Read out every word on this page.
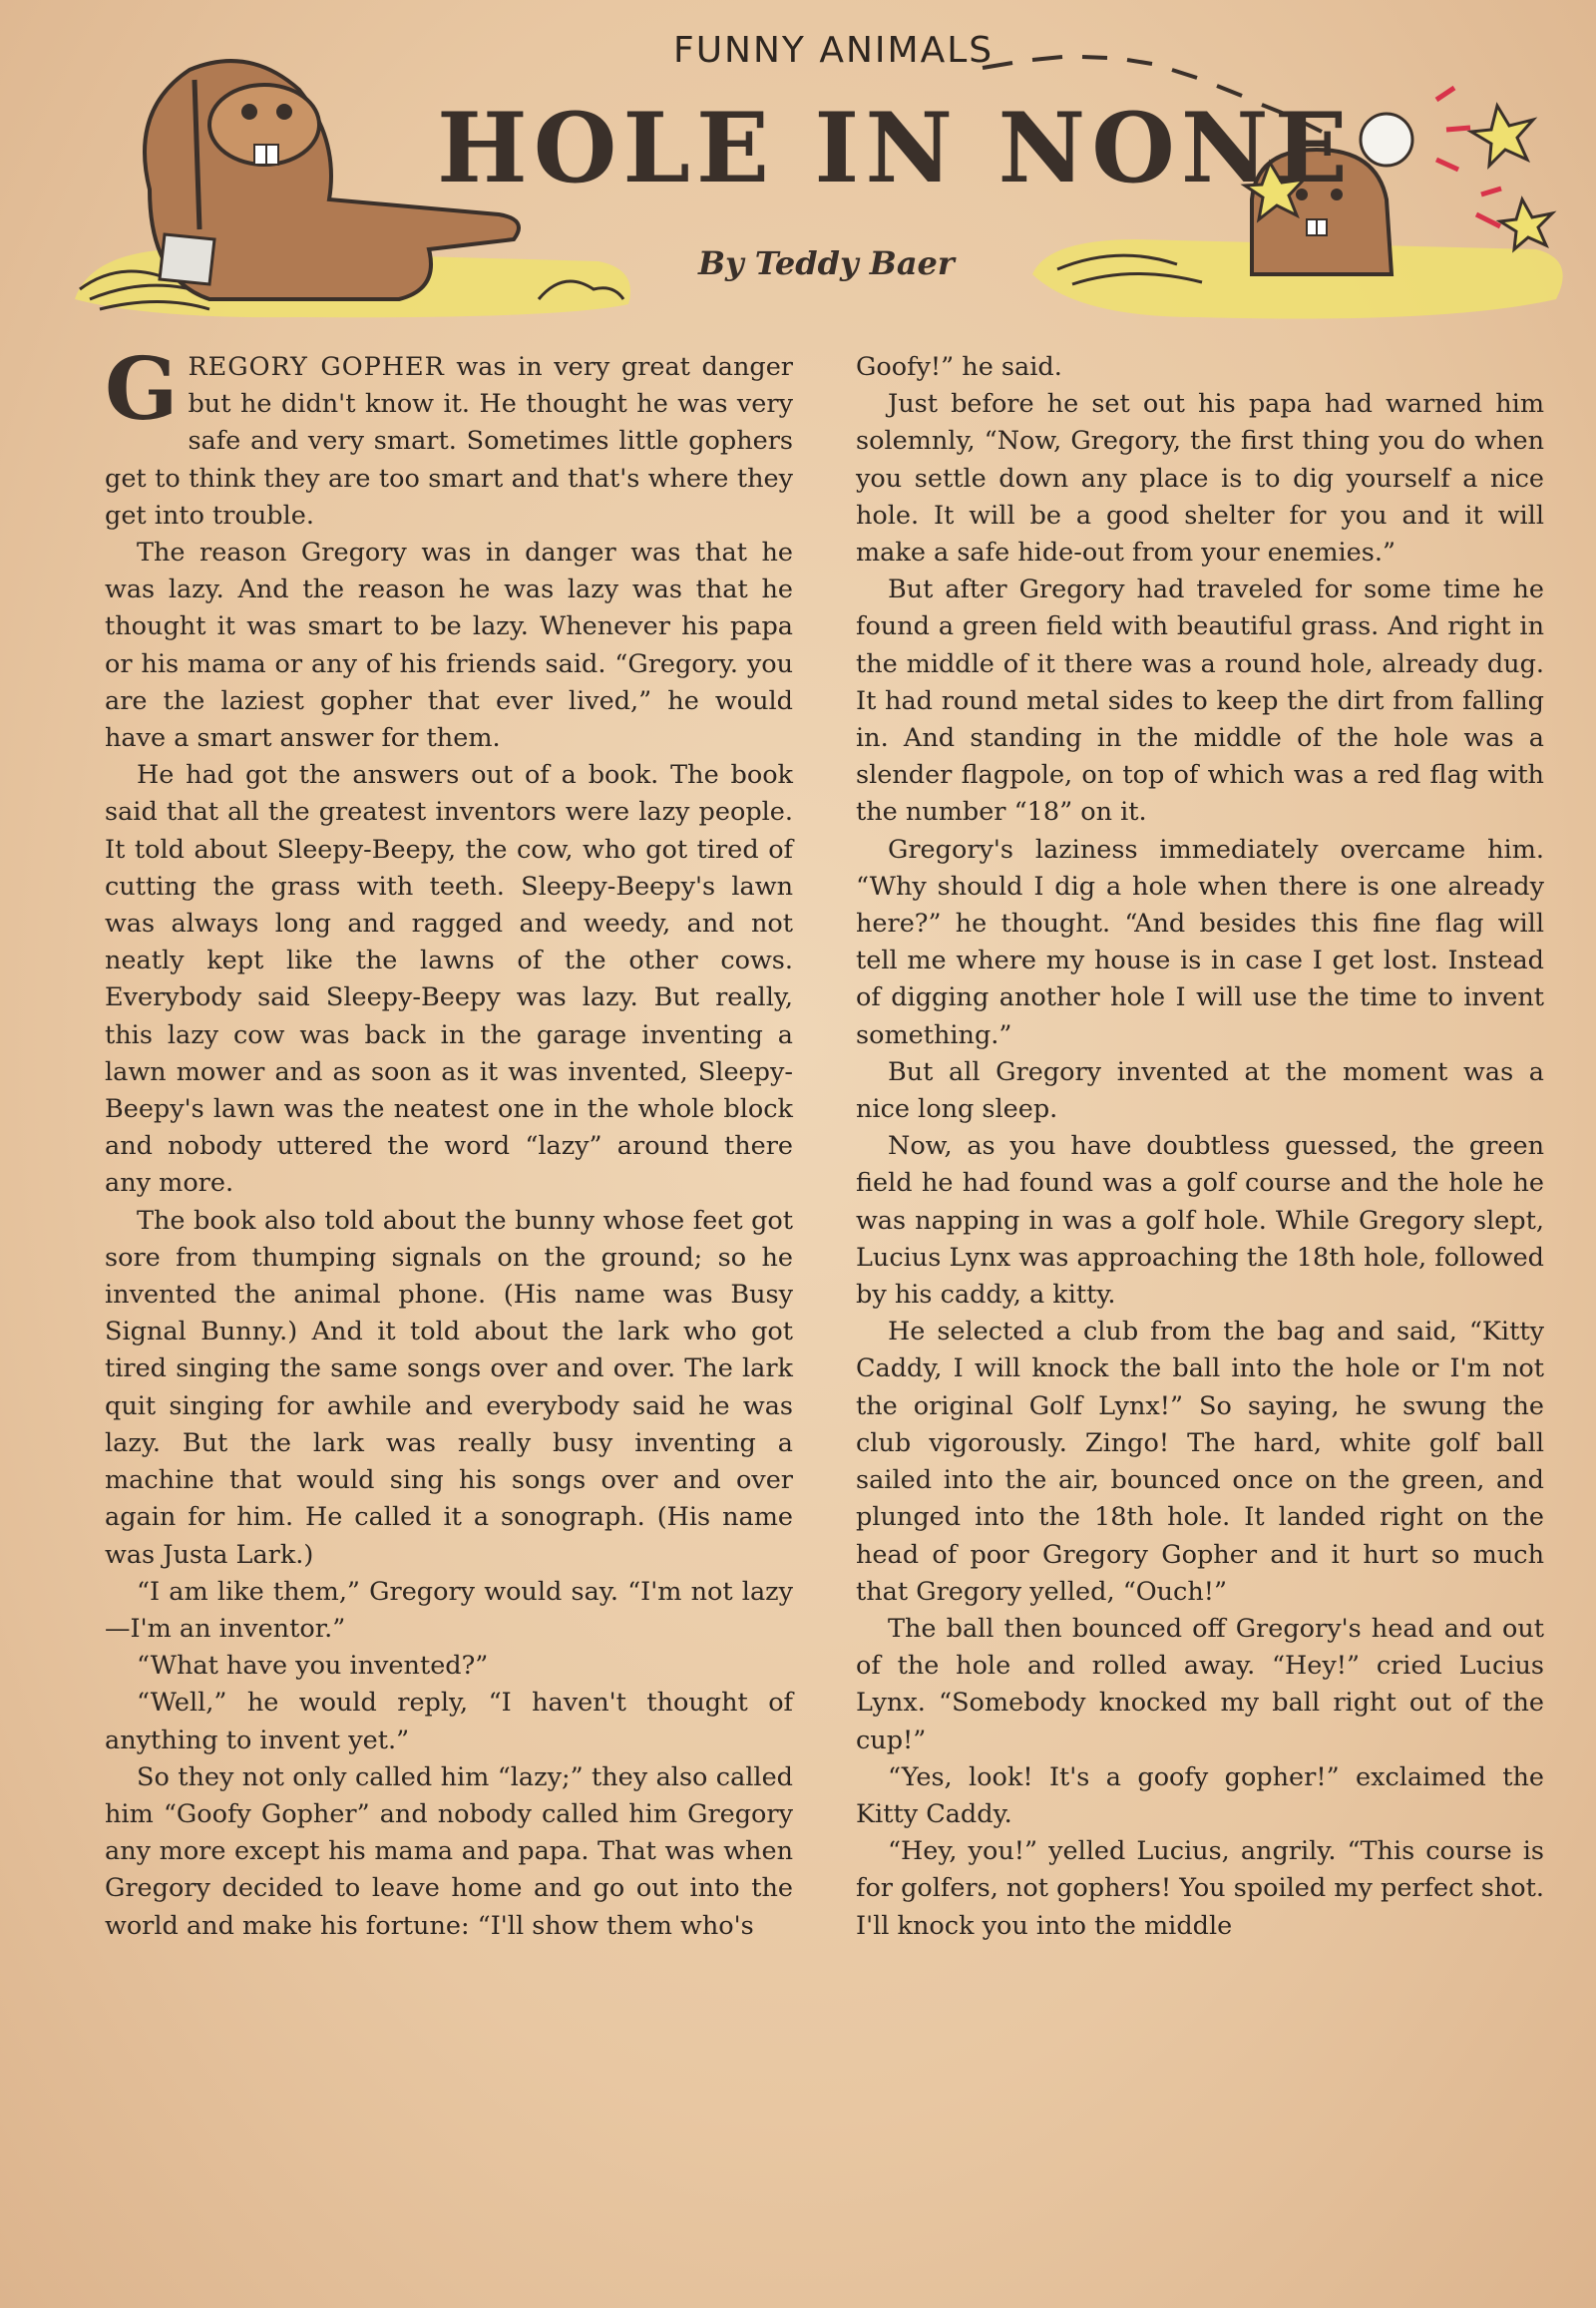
FUNNY ANIMALS
HOLE IN NONE
By Teddy Baer

GREGORY GOPHER was in very great danger but he didn't know it. He thought he was very safe and very smart. Sometimes little gophers get to think they are too smart and that's where they get into trouble.

The reason Gregory was in danger was that he was lazy. And the reason he was lazy was that he thought it was smart to be lazy. Whenever his papa or his mama or any of his friends said. “Gregory. you are the laziest gopher that ever lived,” he would have a smart answer for them.

He had got the answers out of a book. The book said that all the greatest inventors were lazy people. It told about Sleepy-Beepy, the cow, who got tired of cutting the grass with teeth. Sleepy-Beepy's lawn was always long and ragged and weedy, and not neatly kept like the lawns of the other cows. Everybody said Sleepy-Beepy was lazy. But really, this lazy cow was back in the garage inventing a lawn mower and as soon as it was invented, Sleepy-Beepy's lawn was the neatest one in the whole block and nobody uttered the word “lazy” around there any more.

The book also told about the bunny whose feet got sore from thumping signals on the ground; so he invented the animal phone. (His name was Busy Signal Bunny.) And it told about the lark who got tired singing the same songs over and over. The lark quit singing for awhile and everybody said he was lazy. But the lark was really busy inventing a machine that would sing his songs over and over again for him. He called it a sonograph. (His name was Justa Lark.)

“I am like them,” Gregory would say. “I'm not lazy—I'm an inventor.”

“What have you invented?”

“Well,” he would reply, “I haven't thought of anything to invent yet.”

So they not only called him “lazy;” they also called him “Goofy Gopher” and nobody called him Gregory any more except his mama and papa. That was when Gregory decided to leave home and go out into the world and make his fortune: “I'll show them who's

Goofy!” he said.

Just before he set out his papa had warned him solemnly, “Now, Gregory, the first thing you do when you settle down any place is to dig yourself a nice hole. It will be a good shelter for you and it will make a safe hide-out from your enemies.”

But after Gregory had traveled for some time he found a green field with beautiful grass. And right in the middle of it there was a round hole, already dug. It had round metal sides to keep the dirt from falling in. And standing in the middle of the hole was a slender flagpole, on top of which was a red flag with the number “18” on it.

Gregory's laziness immediately overcame him. “Why should I dig a hole when there is one already here?” he thought. “And besides this fine flag will tell me where my house is in case I get lost. Instead of digging another hole I will use the time to invent something.”

But all Gregory invented at the moment was a nice long sleep.

Now, as you have doubtless guessed, the green field he had found was a golf course and the hole he was napping in was a golf hole. While Gregory slept, Lucius Lynx was approaching the 18th hole, followed by his caddy, a kitty.

He selected a club from the bag and said, “Kitty Caddy, I will knock the ball into the hole or I'm not the original Golf Lynx!” So saying, he swung the club vigorously. Zingo! The hard, white golf ball sailed into the air, bounced once on the green, and plunged into the 18th hole. It landed right on the head of poor Gregory Gopher and it hurt so much that Gregory yelled, “Ouch!”

The ball then bounced off Gregory's head and out of the hole and rolled away. “Hey!” cried Lucius Lynx. “Somebody knocked my ball right out of the cup!”

“Yes, look! It's a goofy gopher!” exclaimed the Kitty Caddy.

“Hey, you!” yelled Lucius, angrily. “This course is for golfers, not gophers! You spoiled my perfect shot. I'll knock you into the middle
